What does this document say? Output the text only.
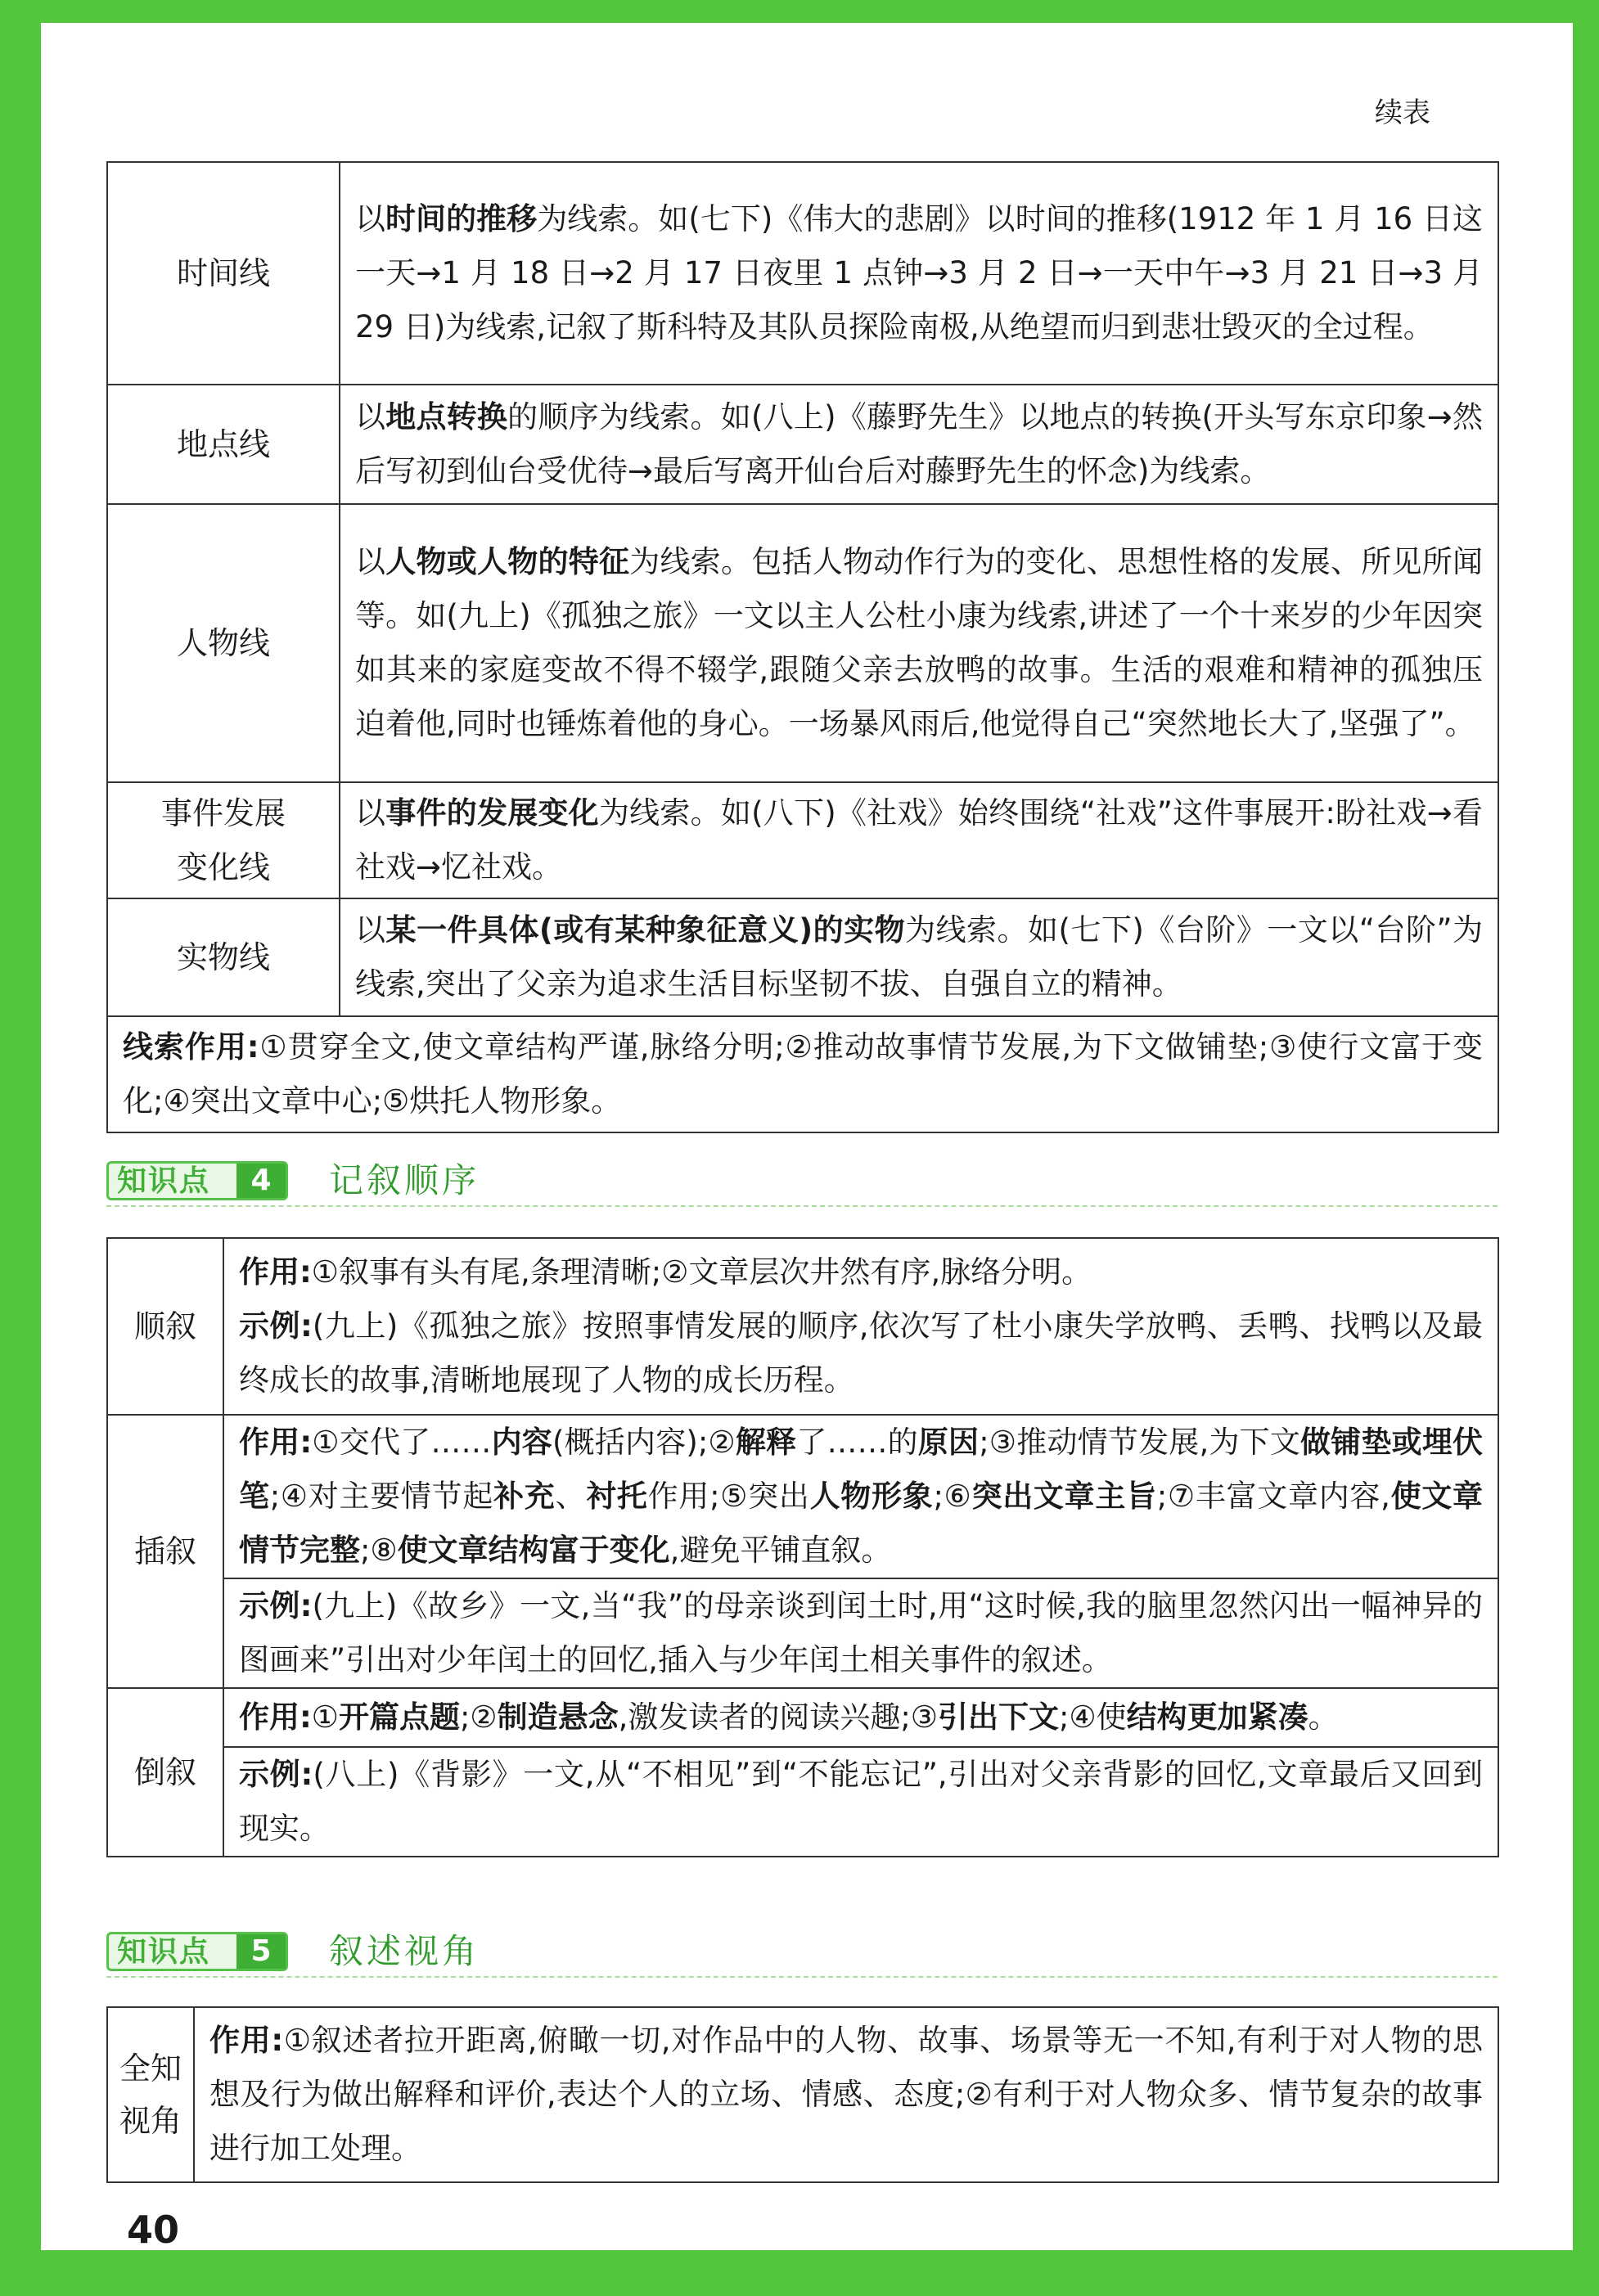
续表
时间线	以时间的推移为线索。如(七下)《伟大的悲剧》以时间的推移(1912 年 1 月 16 日这一天→1 月 18 日→2 月 17 日夜里 1 点钟→3 月 2 日→一天中午→3 月 21 日→3 月 29 日)为线索,记叙了斯科特及其队员探险南极,从绝望而归到悲壮毁灭的全过程。
地点线	以地点转换的顺序为线索。如(八上)《藤野先生》以地点的转换(开头写东京印象→然后写初到仙台受优待→最后写离开仙台后对藤野先生的怀念)为线索。
人物线	以人物或人物的特征为线索。包括人物动作行为的变化、思想性格的发展、所见所闻等。如(九上)《孤独之旅》一文以主人公杜小康为线索,讲述了一个十来岁的少年因突如其来的家庭变故不得不辍学,跟随父亲去放鸭的故事。生活的艰难和精神的孤独压迫着他,同时也锤炼着他的身心。一场暴风雨后,他觉得自己“突然地长大了,坚强了”。
事件发展变化线	以事件的发展变化为线索。如(八下)《社戏》始终围绕“社戏”这件事展开:盼社戏→看社戏→忆社戏。
实物线	以某一件具体(或有某种象征意义)的实物为线索。如(七下)《台阶》一文以“台阶”为线索,突出了父亲为追求生活目标坚韧不拔、自强自立的精神。
线索作用:①贯穿全文,使文章结构严谨,脉络分明;②推动故事情节发展,为下文做铺垫;③使行文富于变化;④突出文章中心;⑤烘托人物形象。	
知识点	4	记叙顺序
顺叙	作用:①叙事有头有尾,条理清晰;②文章层次井然有序,脉络分明。
示例:(九上)《孤独之旅》按照事情发展的顺序,依次写了杜小康失学放鸭、丢鸭、找鸭以及最终成长的故事,清晰地展现了人物的成长历程。

插叙	作用:①交代了……内容(概括内容);②解释了……的原因;③推动情节发展,为下文做铺垫或埋伏笔;④对主要情节起补充、衬托作用;⑤突出人物形象;⑥突出文章主旨;⑦丰富文章内容,使文章情节完整;⑧使文章结构富于变化,避免平铺直叙。
	示例:(九上)《故乡》一文,当“我”的母亲谈到闰土时,用“这时候,我的脑里忽然闪出一幅神异的图画来”引出对少年闰土的回忆,插入与少年闰土相关事件的叙述。
倒叙	作用:①开篇点题;②制造悬念,激发读者的阅读兴趣;③引出下文;④使结构更加紧凑。
	示例:(八上)《背影》一文,从“不相见”到“不能忘记”,引出对父亲背影的回忆,文章最后又回到现实。
知识点	5	叙述视角
全知视角	作用:①叙述者拉开距离,俯瞰一切,对作品中的人物、故事、场景等无一不知,有利于对人物的思想及行为做出解释和评价,表达个人的立场、情感、态度;②有利于对人物众多、情节复杂的故事进行加工处理。
40
